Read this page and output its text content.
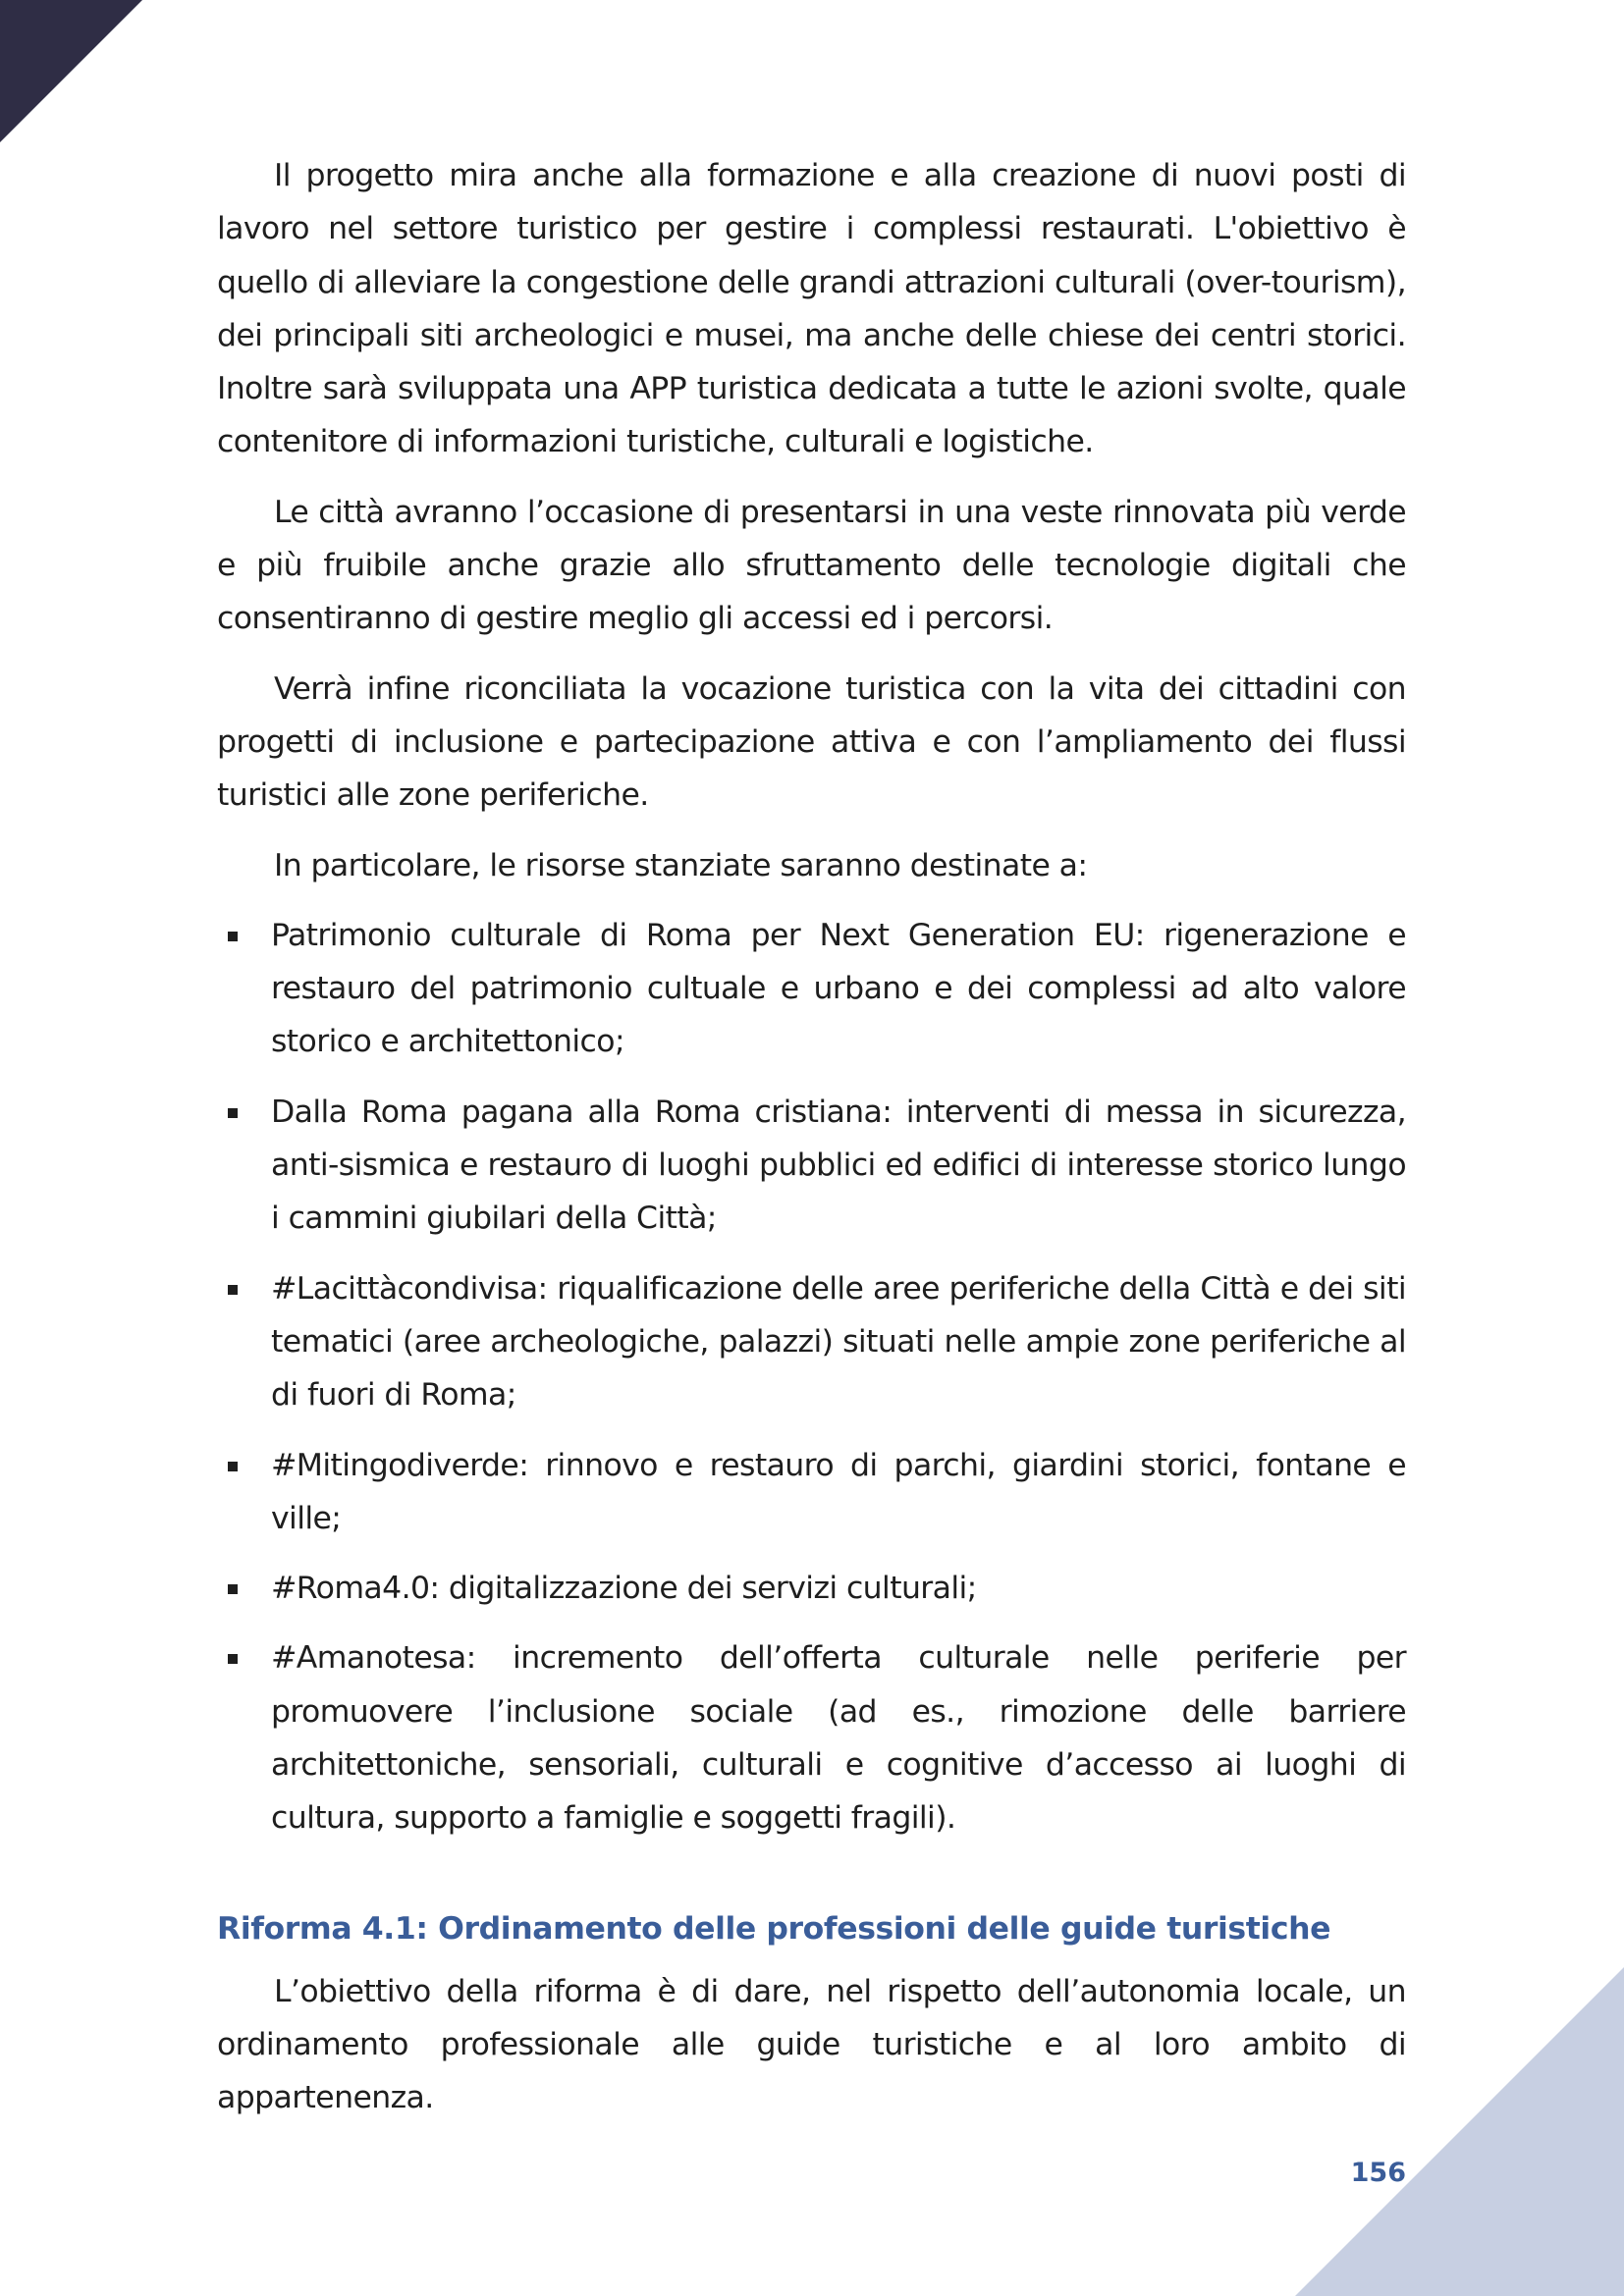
Il progetto mira anche alla formazione e alla creazione di nuovi posti di lavoro nel settore turistico per gestire i complessi restaurati. L'obiettivo è quello di alleviare la congestione delle grandi attrazioni culturali (over-tourism), dei principali siti archeologici e musei, ma anche delle chiese dei centri storici. Inoltre sarà sviluppata una APP turistica dedicata a tutte le azioni svolte, quale contenitore di informazioni turistiche, culturali e logistiche.

Le città avranno l’occasione di presentarsi in una veste rinnovata più verde e più fruibile anche grazie allo sfruttamento delle tecnologie digitali che consentiranno di gestire meglio gli accessi ed i percorsi.

Verrà infine riconciliata la vocazione turistica con la vita dei cittadini con progetti di inclusione e partecipazione attiva e con l’ampliamento dei flussi turistici alle zone periferiche.

In particolare, le risorse stanziate saranno destinate a:

Patrimonio culturale di Roma per Next Generation EU: rigenerazione e restauro del patrimonio cultuale e urbano e dei complessi ad alto valore storico e architettonico;
Dalla Roma pagana alla Roma cristiana: interventi di messa in sicurezza, anti-sismica e restauro di luoghi pubblici ed edifici di interesse storico lungo i cammini giubilari della Città;
#Lacittàcondivisa: riqualificazione delle aree periferiche della Città e dei siti tematici (aree archeologiche, palazzi) situati nelle ampie zone periferiche al di fuori di Roma;
#Mitingodiverde: rinnovo e restauro di parchi, giardini storici, fontane e ville;
#Roma4.0: digitalizzazione dei servizi culturali;
#Amanotesa: incremento dell’offerta culturale nelle periferie per promuovere l’inclusione sociale (ad es., rimozione delle barriere architettoniche, sensoriali, culturali e cognitive d’accesso ai luoghi di cultura, supporto a famiglie e soggetti fragili).
Riforma 4.1: Ordinamento delle professioni delle guide turistiche

L’obiettivo della riforma è di dare, nel rispetto dell’autonomia locale, un ordinamento professionale alle guide turistiche e al loro ambito di appartenenza.

156
